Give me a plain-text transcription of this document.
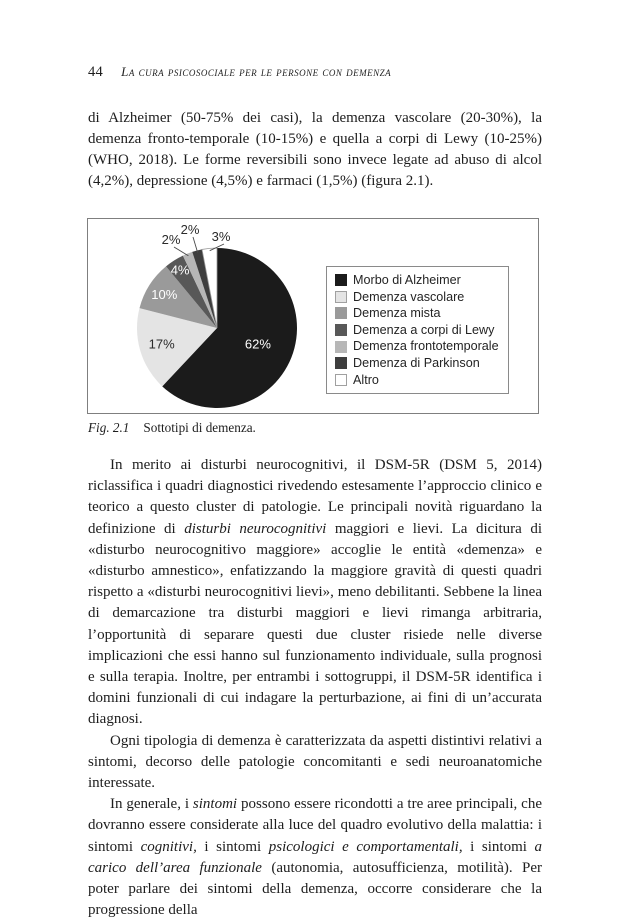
44 La cura psicosociale per le persone con demenza

di Alzheimer (50-75% dei casi), la demenza vascolare (20-30%), la demenza fronto-temporale (10-15%) e quella a corpi di Lewy (10-25%) (WHO, 2018). Le forme reversibili sono invece legate ad abuso di alcol (4,2%), depressione (4,5%) e farmaci (1,5%) (figura 2.1).

62%
17%
10%
4%
2%
2% 3%
Morbo di Alzheimer
Demenza vascolare
Demenza mista
Demenza a corpi di Lewy
Demenza frontotemporale
Demenza di Parkinson
Altro
Fig. 2.1 Sottotipi di demenza.

In merito ai disturbi neurocognitivi, il DSM-5R (DSM 5, 2014) riclassifica i quadri diagnostici rivedendo estesamente l’approccio clinico e teorico a questo cluster di patologie. Le principali novità riguardano la definizione di disturbi neurocognitivi maggiori e lievi. La dicitura di «disturbo neurocognitivo maggiore» accoglie le entità «demenza» e «disturbo amnestico», enfatizzando la maggiore gravità di questi quadri rispetto a «disturbi neurocognitivi lievi», meno debilitanti. Sebbene la linea di demarcazione tra disturbi maggiori e lievi rimanga arbitraria, l’opportunità di separare questi due cluster risiede nelle diverse implicazioni che essi hanno sul funzionamento individuale, sulla prognosi e sulla terapia. Inoltre, per entrambi i sottogruppi, il DSM-5R identifica i domini funzionali di cui indagare la perturbazione, ai fini di un’accurata diagnosi.

Ogni tipologia di demenza è caratterizzata da aspetti distintivi relativi a sintomi, decorso delle patologie concomitanti e sedi neuroanatomiche interessate.

In generale, i sintomi possono essere ricondotti a tre aree principali, che dovranno essere considerate alla luce del quadro evolutivo della malattia: i sintomi cognitivi, i sintomi psicologici e comportamentali, i sintomi a carico dell’area funzionale (autonomia, autosufficienza, motilità). Per poter parlare dei sintomi della demenza, occorre considerare che la progressione della
